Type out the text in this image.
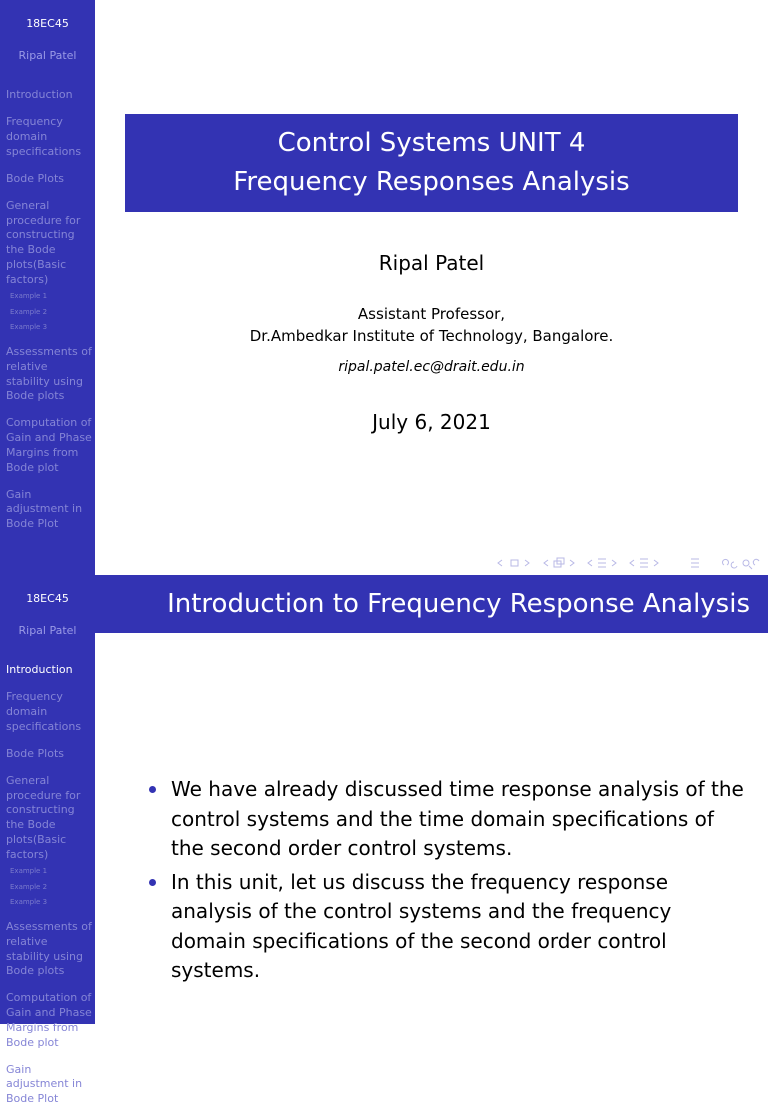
18EC45
Ripal Patel
Introduction
Frequency domain specifications
Bode Plots
General procedure for constructing the Bode plots(Basic factors)
Example 1
Example 2
Example 3
Assessments of relative stability using Bode plots
Computation of Gain and Phase Margins from Bode plot
Gain adjustment in Bode Plot
Control Systems UNIT 4
Frequency Responses Analysis
Ripal Patel
Assistant Professor,
Dr.Ambedkar Institute of Technology, Bangalore.
ripal.patel.ec@drait.edu.in
July 6, 2021
18EC45
Ripal Patel
Introduction
Frequency domain specifications
Bode Plots
General procedure for constructing the Bode plots(Basic factors)
Example 1
Example 2
Example 3
Assessments of relative stability using Bode plots
Computation of Gain and Phase Margins from Bode plot
Gain adjustment in Bode Plot
Introduction to Frequency Response Analysis
We have already discussed time response analysis of the control systems and the time domain specifications of the second order control systems.
In this unit, let us discuss the frequency response analysis of the control systems and the frequency domain specifications of the second order control systems.
